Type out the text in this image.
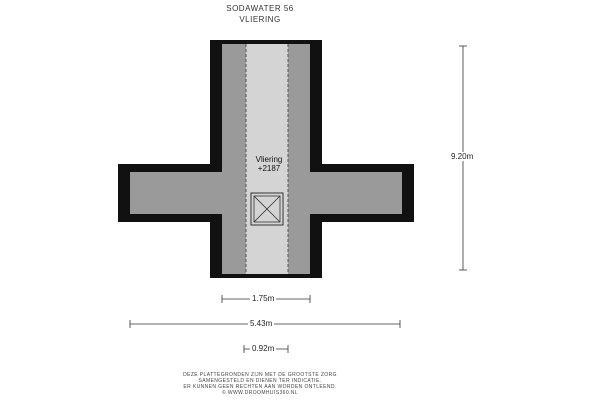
SODAWATER 56
VLIERING
Vliering
+2187
9.20m
1.75m
5.43m
0.92m
DEZE PLATTEGRONDEN ZIJN MET DE GROOTSTE ZORG
SAMENGESTELD EN DIENEN TER INDICATIE.
ER KUNNEN GEEN RECHTEN AAN WORDEN ONTLEEND.
© WWW.DROOMHUIS360.NL
